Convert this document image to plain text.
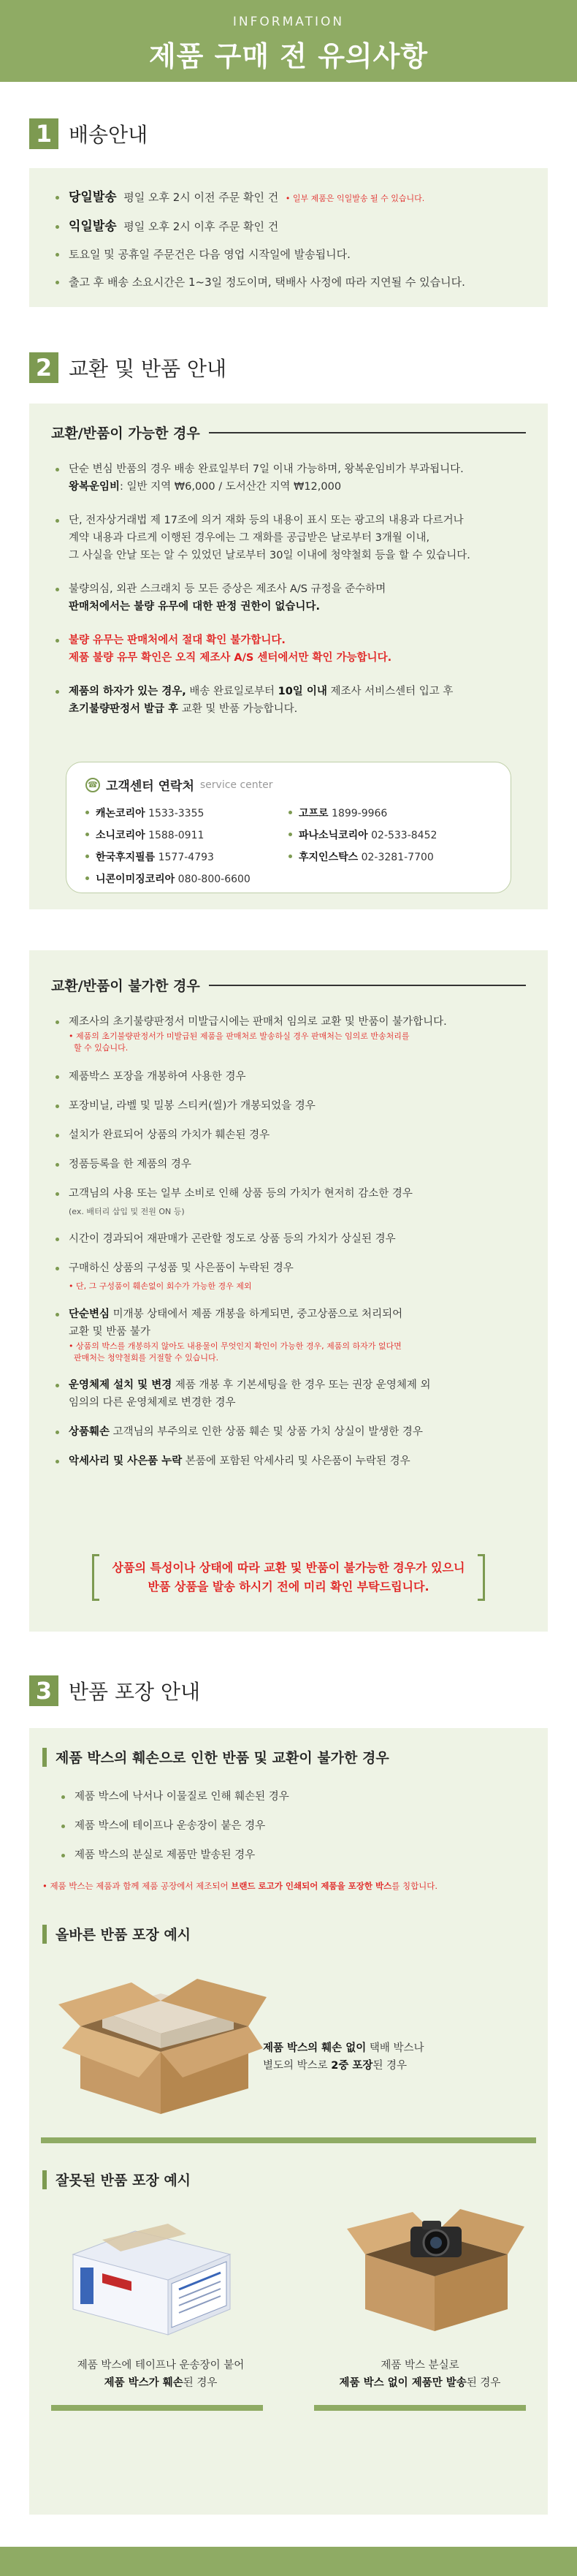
INFORMATION
제품 구매 전 유의사항
1 배송안내
당일발송 평일 오후 2시 이전 주문 확인 건 • 일부 제품은 익일발송 될 수 있습니다.
익일발송 평일 오후 2시 이후 주문 확인 건
토요일 및 공휴일 주문건은 다음 영업 시작일에 발송됩니다.
출고 후 배송 소요시간은 1~3일 정도이며, 택배사 사정에 따라 지연될 수 있습니다.
2 교환 및 반품 안내
교환/반품이 가능한 경우
단순 변심 반품의 경우 배송 완료일부터 7일 이내 가능하며, 왕복운임비가 부과됩니다.
왕복운임비: 일반 지역 ₩6,000 / 도서산간 지역 ₩12,000
단, 전자상거래법 제 17조에 의거 재화 등의 내용이 표시 또는 광고의 내용과 다르거나
계약 내용과 다르게 이행된 경우에는 그 재화를 공급받은 날로부터 3개월 이내,
그 사실을 안날 또는 알 수 있었던 날로부터 30일 이내에 청약철회 등을 할 수 있습니다.
불량의심, 외관 스크래치 등 모든 증상은 제조사 A/S 규정을 준수하며
판매처에서는 불량 유무에 대한 판정 권한이 없습니다.
불량 유무는 판매처에서 절대 확인 불가합니다.
제품 불량 유무 확인은 오직 제조사 A/S 센터에서만 확인 가능합니다.
제품의 하자가 있는 경우, 배송 완료일로부터 10일 이내 제조사 서비스센터 입고 후
초기불량판정서 발급 후 교환 및 반품 가능합니다.
☎ 고객센터 연락처 service center
캐논코리아 1533-3355	고프로 1899-9966
소니코리아 1588-0911	파나소닉코리아 02-533-8452
한국후지필름 1577-4793	후지인스탁스 02-3281-7700
니콘이미징코리아 080-800-6600
교환/반품이 불가한 경우
제조사의 초기불량판정서 미발급시에는 판매처 임의로 교환 및 반품이 불가합니다.
• 제품의 초기불량판정서가 미발급된 제품을 판매처로 발송하실 경우 판매처는 임의로 반송처리를
할 수 있습니다.
제품박스 포장을 개봉하여 사용한 경우
포장비닐, 라벨 및 밀봉 스티커(씰)가 개봉되었을 경우
설치가 완료되어 상품의 가치가 훼손된 경우
정품등록을 한 제품의 경우
고객님의 사용 또는 일부 소비로 인해 상품 등의 가치가 현저히 감소한 경우
(ex. 배터리 삽입 및 전원 ON 등)
시간이 경과되어 재판매가 곤란할 정도로 상품 등의 가치가 상실된 경우
구매하신 상품의 구성품 및 사은품이 누락된 경우
• 단, 그 구성품이 훼손없이 회수가 가능한 경우 제외
단순변심 미개봉 상태에서 제품 개봉을 하게되면, 중고상품으로 처리되어
교환 및 반품 불가
• 상품의 박스를 개봉하지 않아도 내용물이 무엇인지 확인이 가능한 경우, 제품의 하자가 없다면
판매처는 청약철회를 거절할 수 있습니다.
운영체제 설치 및 변경 제품 개봉 후 기본세팅을 한 경우 또는 권장 운영체제 외
임의의 다른 운영체제로 변경한 경우
상품훼손 고객님의 부주의로 인한 상품 훼손 및 상품 가치 상실이 발생한 경우
악세사리 및 사은품 누락 본품에 포함된 악세사리 및 사은품이 누락된 경우
상품의 특성이나 상태에 따라 교환 및 반품이 불가능한 경우가 있으니
반품 상품을 발송 하시기 전에 미리 확인 부탁드립니다.
3 반품 포장 안내
제품 박스의 훼손으로 인한 반품 및 교환이 불가한 경우
제품 박스에 낙서나 이물질로 인해 훼손된 경우
제품 박스에 테이프나 운송장이 붙은 경우
제품 박스의 분실로 제품만 발송된 경우
• 제품 박스는 제품과 함께 제품 공장에서 제조되어 브랜드 로고가 인쇄되어 제품을 포장한 박스를 칭합니다.
올바른 반품 포장 예시
제품 박스의 훼손 없이 택배 박스나
별도의 박스로 2중 포장된 경우
잘못된 반품 포장 예시
제품 박스에 테이프나 운송장이 붙어
제품 박스가 훼손된 경우
제품 박스 분실로
제품 박스 없이 제품만 발송된 경우
